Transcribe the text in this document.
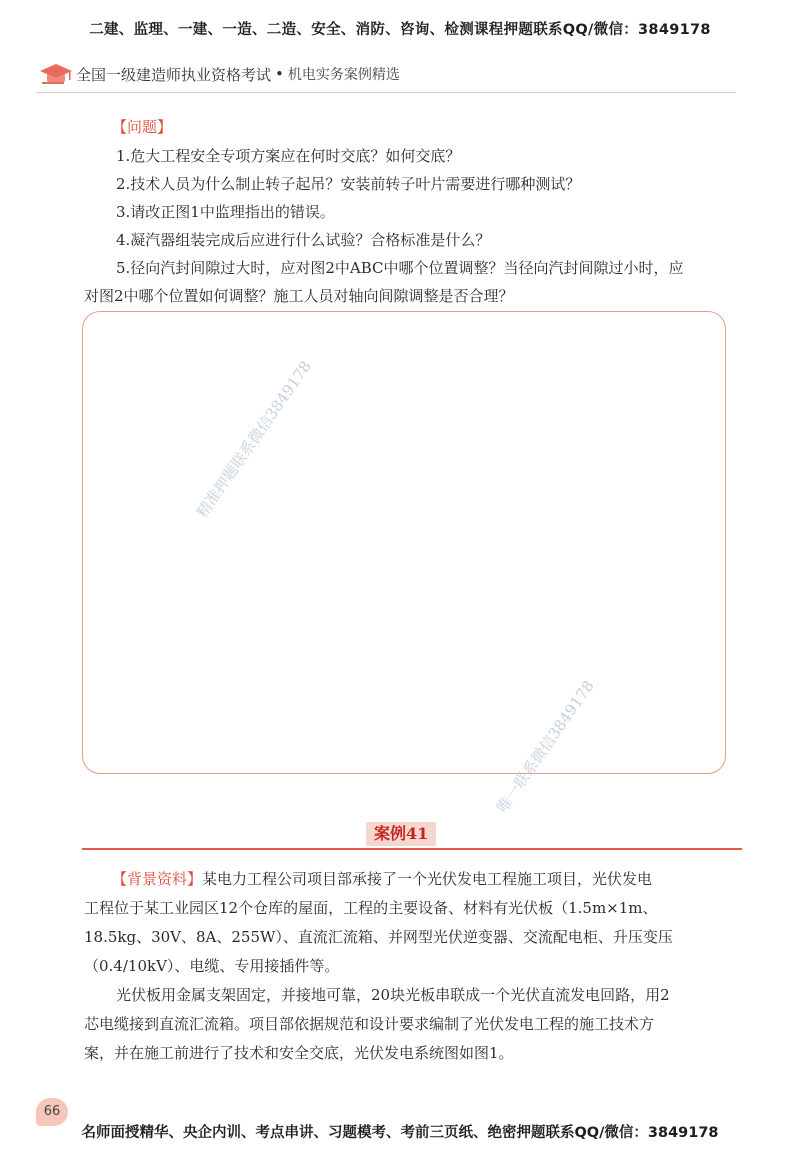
二建、监理、一建、一造、二造、安全、消防、咨询、检测课程押题联系QQ/微信：3849178
全国一级建造师执业资格考试 • 机电实务案例精选
【问题】
1.危大工程安全专项方案应在何时交底？如何交底？
2.技术人员为什么制止转子起吊？安装前转子叶片需要进行哪种测试？
3.请改正图1中监理指出的错误。
4.凝汽器组装完成后应进行什么试验？合格标准是什么？
5.径向汽封间隙过大时，应对图2中ABC中哪个位置调整？当径向汽封间隙过小时，应
对图2中哪个位置如何调整？施工人员对轴向间隙调整是否合理？
精准押题联系微信3849178
唯一联系微信3849178
案例41
【背景资料】某电力工程公司项目部承接了一个光伏发电工程施工项目，光伏发电
工程位于某工业园区12个仓库的屋面，工程的主要设备、材料有光伏板（1.5m×1m、
18.5kg、30V、8A、255W）、直流汇流箱、并网型光伏逆变器、交流配电柜、升压变压
（0.4/10kV）、电缆、专用接插件等。
光伏板用金属支架固定，并接地可靠，20块光板串联成一个光伏直流发电回路，用2
芯电缆接到直流汇流箱。项目部依据规范和设计要求编制了光伏发电工程的施工技术方
案，并在施工前进行了技术和安全交底，光伏发电系统图如图1。
66
名师面授精华、央企内训、考点串讲、习题模考、考前三页纸、绝密押题联系QQ/微信：3849178
